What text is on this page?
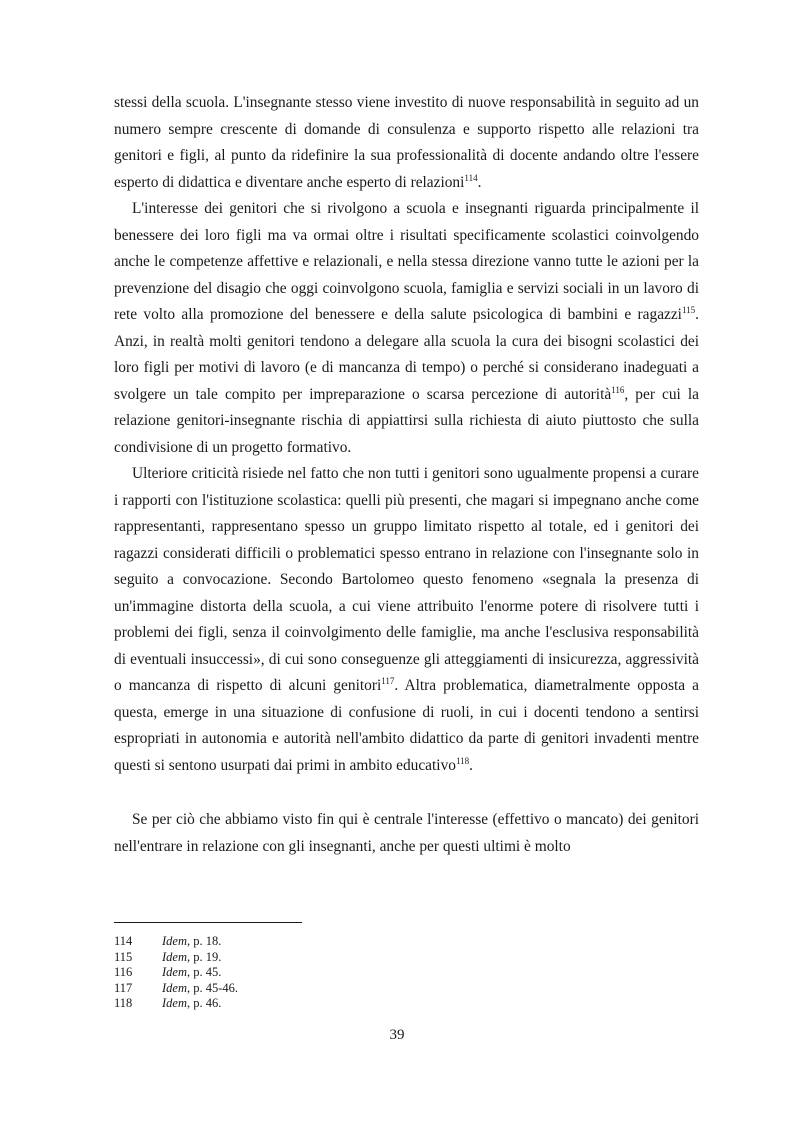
stessi della scuola. L'insegnante stesso viene investito di nuove responsabilità in seguito ad un numero sempre crescente di domande di consulenza e supporto rispetto alle relazioni tra genitori e figli, al punto da ridefinire la sua professionalità di docente andando oltre l'essere esperto di didattica e diventare anche esperto di relazioni$^{114}$.

L'interesse dei genitori che si rivolgono a scuola e insegnanti riguarda principalmente il benessere dei loro figli ma va ormai oltre i risultati specificamente scolastici coinvolgendo anche le competenze affettive e relazionali, e nella stessa direzione vanno tutte le azioni per la prevenzione del disagio che oggi coinvolgono scuola, famiglia e servizi sociali in un lavoro di rete volto alla promozione del benessere e della salute psicologica di bambini e ragazzi$^{115}$. Anzi, in realtà molti genitori tendono a delegare alla scuola la cura dei bisogni scolastici dei loro figli per motivi di lavoro (e di mancanza di tempo) o perché si considerano inadeguati a svolgere un tale compito per impreparazione o scarsa percezione di autorità$^{116}$, per cui la relazione genitori-insegnante rischia di appiattirsi sulla richiesta di aiuto piuttosto che sulla condivisione di un progetto formativo.

Ulteriore criticità risiede nel fatto che non tutti i genitori sono ugualmente propensi a curare i rapporti con l'istituzione scolastica: quelli più presenti, che magari si impegnano anche come rappresentanti, rappresentano spesso un gruppo limitato rispetto al totale, ed i genitori dei ragazzi considerati difficili o problematici spesso entrano in relazione con l'insegnante solo in seguito a convocazione. Secondo Bartolomeo questo fenomeno «segnala la presenza di un'immagine distorta della scuola, a cui viene attribuito l'enorme potere di risolvere tutti i problemi dei figli, senza il coinvolgimento delle famiglie, ma anche l'esclusiva responsabilità di eventuali insuccessi», di cui sono conseguenze gli atteggiamenti di insicurezza, aggressività o mancanza di rispetto di alcuni genitori$^{117}$. Altra problematica, diametralmente opposta a questa, emerge in una situazione di confusione di ruoli, in cui i docenti tendono a sentirsi espropriati in autonomia e autorità nell'ambito didattico da parte di genitori invadenti mentre questi si sentono usurpati dai primi in ambito educativo$^{118}$.

Se per ciò che abbiamo visto fin qui è centrale l'interesse (effettivo o mancato) dei genitori nell'entrare in relazione con gli insegnanti, anche per questi ultimi è molto

114	Idem, p. 18.
115	Idem, p. 19.
116	Idem, p. 45.
117	Idem, p. 45-46.
118	Idem, p. 46.
39
